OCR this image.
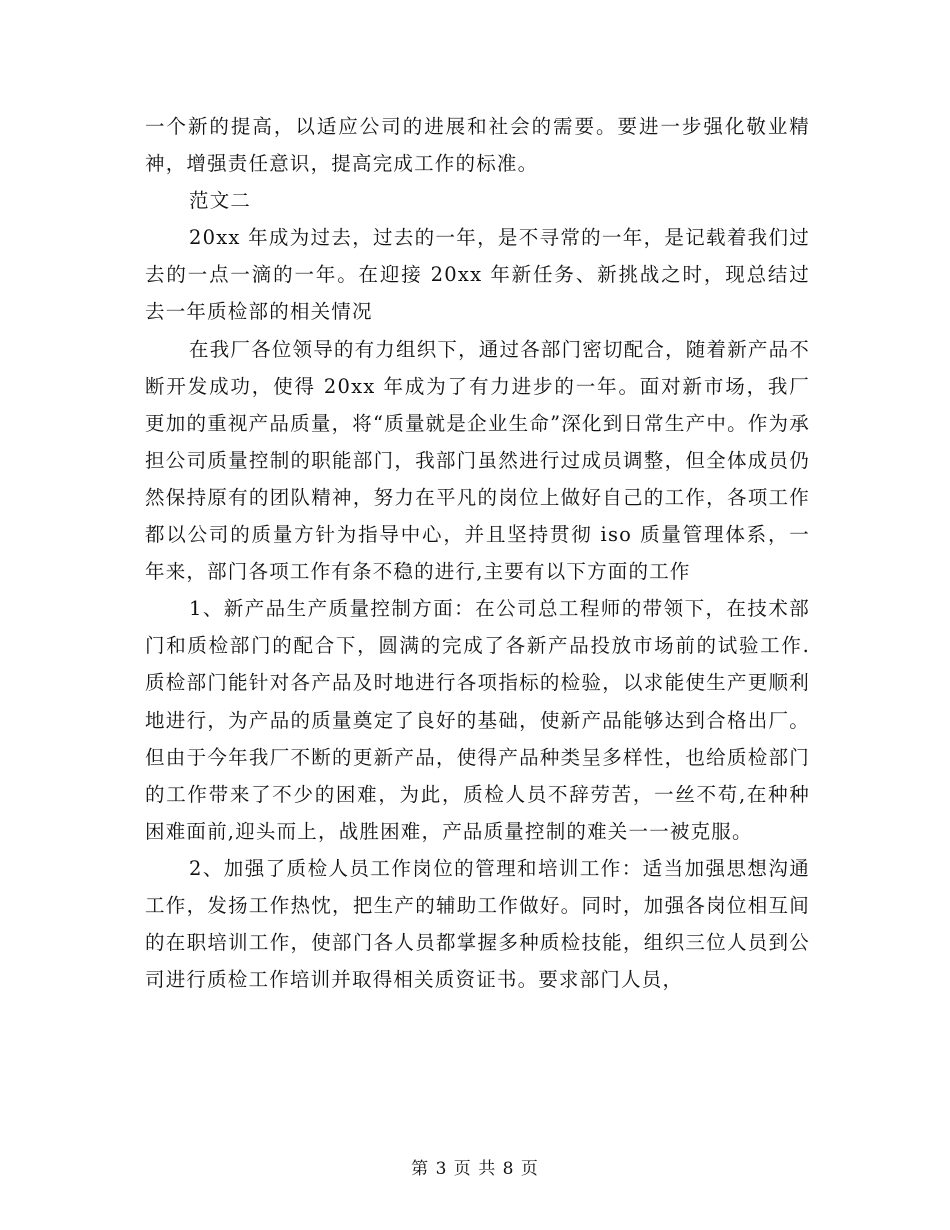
一个新的提高，以适应公司的进展和社会的需要。要进一步强化敬业精神，增强责任意识，提高完成工作的标准。

范文二

20xx 年成为过去，过去的一年，是不寻常的一年，是记载着我们过去的一点一滴的一年。在迎接 20xx 年新任务、新挑战之时，现总结过去一年质检部的相关情况

在我厂各位领导的有力组织下，通过各部门密切配合，随着新产品不断开发成功，使得 20xx 年成为了有力进步的一年。面对新市场，我厂更加的重视产品质量，将“质量就是企业生命”深化到日常生产中。作为承担公司质量控制的职能部门，我部门虽然进行过成员调整，但全体成员仍然保持原有的团队精神，努力在平凡的岗位上做好自己的工作，各项工作都以公司的质量方针为指导中心，并且坚持贯彻 iso 质量管理体系，一年来，部门各项工作有条不稳的进行,主要有以下方面的工作

1、新产品生产质量控制方面：在公司总工程师的带领下，在技术部门和质检部门的配合下，圆满的完成了各新产品投放市场前的试验工作.质检部门能针对各产品及时地进行各项指标的检验，以求能使生产更顺利地进行，为产品的质量奠定了良好的基础，使新产品能够达到合格出厂。但由于今年我厂不断的更新产品，使得产品种类呈多样性，也给质检部门的工作带来了不少的困难，为此，质检人员不辞劳苦，一丝不苟,在种种困难面前,迎头而上，战胜困难，产品质量控制的难关一一被克服。

2、加强了质检人员工作岗位的管理和培训工作：适当加强思想沟通工作，发扬工作热忱，把生产的辅助工作做好。同时，加强各岗位相互间的在职培训工作，使部门各人员都掌握多种质检技能，组织三位人员到公司进行质检工作培训并取得相关质资证书。要求部门人员，

第 3 页 共 8 页
